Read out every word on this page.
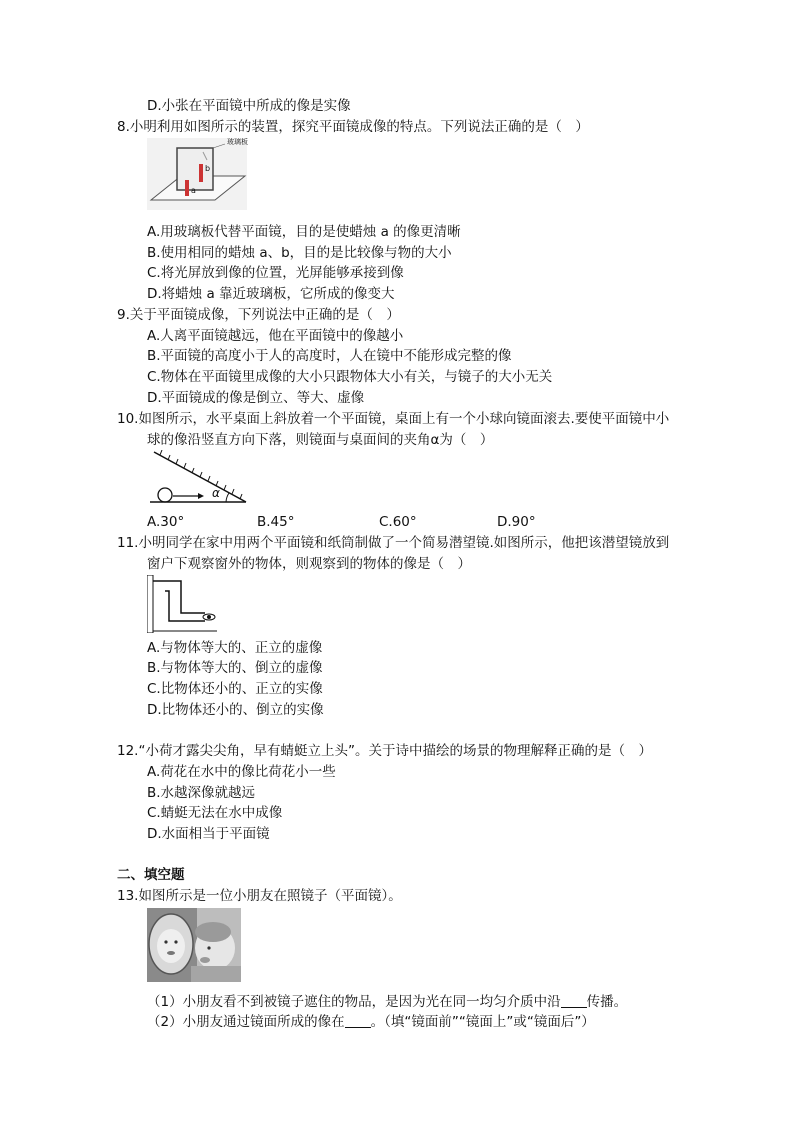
D.小张在平面镜中所成的像是实像
8.小明利用如图所示的装置，探究平面镜成像的特点。下列说法正确的是（　）
玻璃板
b
a
A.用玻璃板代替平面镜，目的是使蜡烛 a 的像更清晰
B.使用相同的蜡烛 a、b，目的是比较像与物的大小
C.将光屏放到像的位置，光屏能够承接到像
D.将蜡烛 a 靠近玻璃板，它所成的像变大
9.关于平面镜成像，下列说法中正确的是（　）
A.人离平面镜越远，他在平面镜中的像越小
B.平面镜的高度小于人的高度时，人在镜中不能形成完整的像
C.物体在平面镜里成像的大小只跟物体大小有关，与镜子的大小无关
D.平面镜成的像是倒立、等大、虚像
10.如图所示，水平桌面上斜放着一个平面镜，桌面上有一个小球向镜面滚去.要使平面镜中小
球的像沿竖直方向下落，则镜面与桌面间的夹角α为（　）
α
A.30°	B.45°	C.60°	D.90°
11.小明同学在家中用两个平面镜和纸筒制做了一个简易潜望镜.如图所示，他把该潜望镜放到
窗户下观察窗外的物体，则观察到的物体的像是（　）
A.与物体等大的、正立的虚像
B.与物体等大的、倒立的虚像
C.比物体还小的、正立的实像
D.比物体还小的、倒立的实像
12.“小荷才露尖尖角，早有蜻蜓立上头”。关于诗中描绘的场景的物理解释正确的是（　）
A.荷花在水中的像比荷花小一些
B.水越深像就越远
C.蜻蜓无法在水中成像
D.水面相当于平面镜
二、填空题
13.如图所示是一位小朋友在照镜子（平面镜）。
（1）小朋友看不到被镜子遮住的物品，是因为光在同一均匀介质中沿 传播。
（2）小朋友通过镜面所成的像在 。（填“镜面前”“镜面上”或“镜面后”）
